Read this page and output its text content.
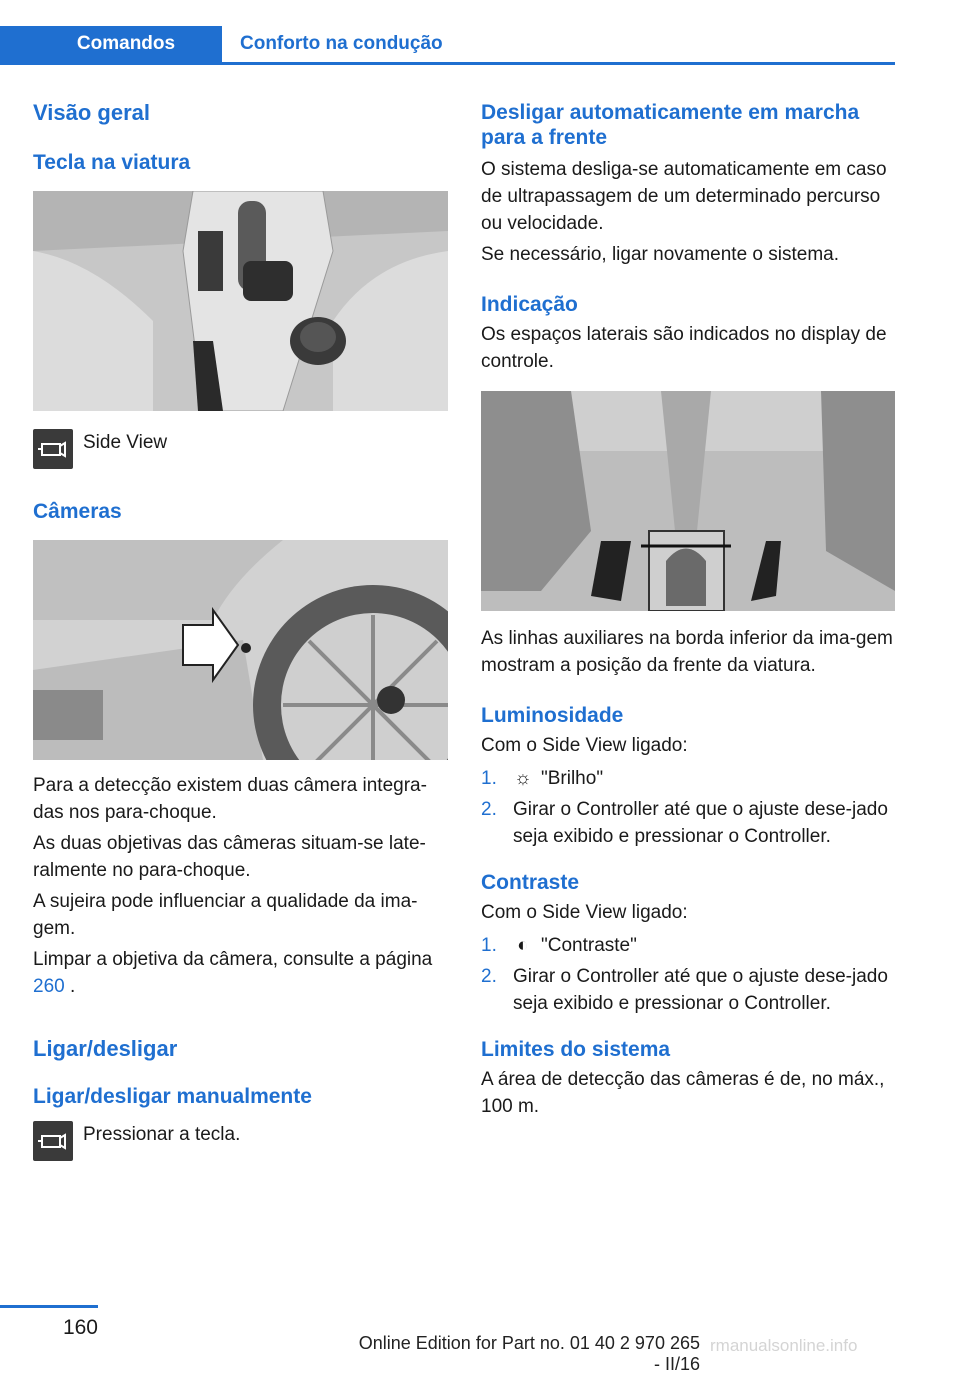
Comandos	Conforto na condução
Visão geral
Tecla na viatura
Side View
Câmeras

Para a detecção existem duas câmera integra-das nos para-choque.

As duas objetivas das câmeras situam-se late-ralmente no para-choque.

A sujeira pode influenciar a qualidade da ima-gem.

Limpar a objetiva da câmera, consulte a página 260 .

Ligar/desligar
Ligar/desligar manualmente
Pressionar a tecla.
Desligar automaticamente em marcha para a frente

O sistema desliga-se automaticamente em caso de ultrapassagem de um determinado percurso ou velocidade.

Se necessário, ligar novamente o sistema.

Indicação

Os espaços laterais são indicados no display de controle.

As linhas auxiliares na borda inferior da ima-gem mostram a posição da frente da viatura.

Luminosidade

Com o Side View ligado:

1. ☼ "Brilho"
2. Girar o Controller até que o ajuste dese-jado seja exibido e pressionar o Controller.
Contraste

Com o Side View ligado:

1. ◐ "Contraste"
2. Girar o Controller até que o ajuste dese-jado seja exibido e pressionar o Controller.
Limites do sistema

A área de detecção das câmeras é de, no máx., 100 m.

160
Online Edition for Part no. 01 40 2 970 265 - II/16
rmanualsonline.info
